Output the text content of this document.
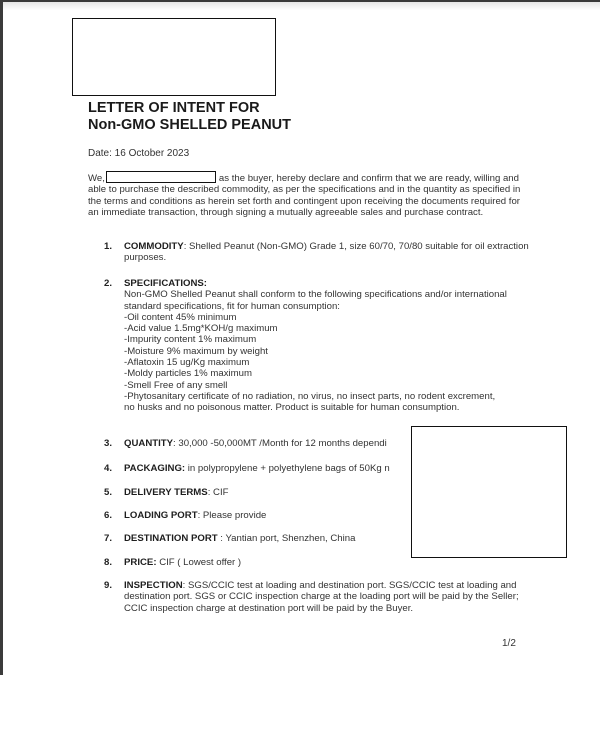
LETTER OF INTENT FOR
Non-GMO SHELLED PEANUT
Date: 16 October 2023
We,	as the buyer, hereby declare and confirm that we are ready, willing and able to purchase the described commodity, as per the specifications and in the quantity as specified in the terms and conditions as herein set forth and contingent upon receiving the documents required for an immediate transaction, through signing a mutually agreeable sales and purchase contract.
1. COMMODITY: Shelled Peanut (Non-GMO) Grade 1, size 60/70, 70/80 suitable for oil extraction purposes.
2. SPECIFICATIONS:
Non-GMO Shelled Peanut shall conform to the following specifications and/or international standard specifications, fit for human consumption:
-Oil content 45% minimum
-Acid value 1.5mg*KOH/g maximum
-Impurity content 1% maximum
-Moisture 9% maximum by weight
-Aflatoxin 15 ug/Kg maximum
-Moldy particles 1% maximum
-Smell Free of any smell
-Phytosanitary certificate of no radiation, no virus, no insect parts, no rodent excrement, no husks and no poisonous matter. Product is suitable for human consumption.
3. QUANTITY: 30,000 -50,000MT /Month for 12 months dependi
4. PACKAGING: in polypropylene + polyethylene bags of 50Kg n
5. DELIVERY TERMS: CIF
6. LOADING PORT: Please provide
7. DESTINATION PORT : Yantian port, Shenzhen, China
8. PRICE: CIF ( Lowest offer )
9. INSPECTION: SGS/CCIC test at loading and destination port. SGS/CCIC test at loading and destination port. SGS or CCIC inspection charge at the loading port will be paid by the Seller; CCIC inspection charge at destination port will be paid by the Buyer.
1/2
